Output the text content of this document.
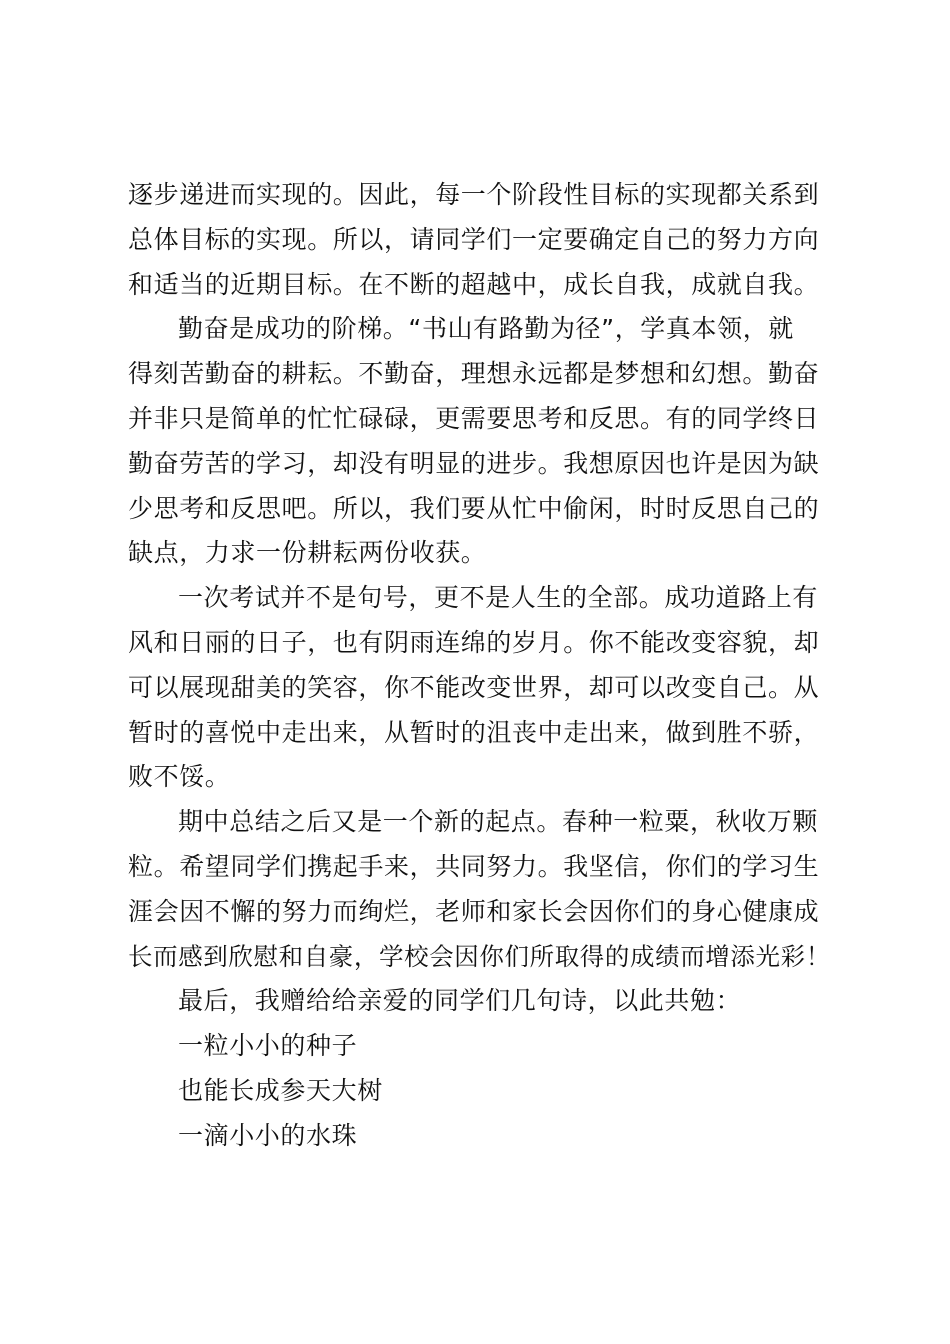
逐步递进而实现的。因此，每一个阶段性目标的实现都关系到
总体目标的实现。所以，请同学们一定要确定自己的努力方向
和适当的近期目标。在不断的超越中，成长自我，成就自我。
勤奋是成功的阶梯。“书山有路勤为径”，学真本领，就
得刻苦勤奋的耕耘。不勤奋，理想永远都是梦想和幻想。勤奋
并非只是简单的忙忙碌碌，更需要思考和反思。有的同学终日
勤奋劳苦的学习，却没有明显的进步。我想原因也许是因为缺
少思考和反思吧。所以，我们要从忙中偷闲，时时反思自己的
缺点，力求一份耕耘两份收获。
一次考试并不是句号，更不是人生的全部。成功道路上有
风和日丽的日子，也有阴雨连绵的岁月。你不能改变容貌，却
可以展现甜美的笑容，你不能改变世界，却可以改变自己。从
暂时的喜悦中走出来，从暂时的沮丧中走出来，做到胜不骄，
败不馁。
期中总结之后又是一个新的起点。春种一粒粟，秋收万颗
粒。希望同学们携起手来，共同努力。我坚信，你们的学习生
涯会因不懈的努力而绚烂，老师和家长会因你们的身心健康成
长而感到欣慰和自豪，学校会因你们所取得的成绩而增添光彩！
最后，我赠给给亲爱的同学们几句诗，以此共勉：
一粒小小的种子
也能长成参天大树
一滴小小的水珠
